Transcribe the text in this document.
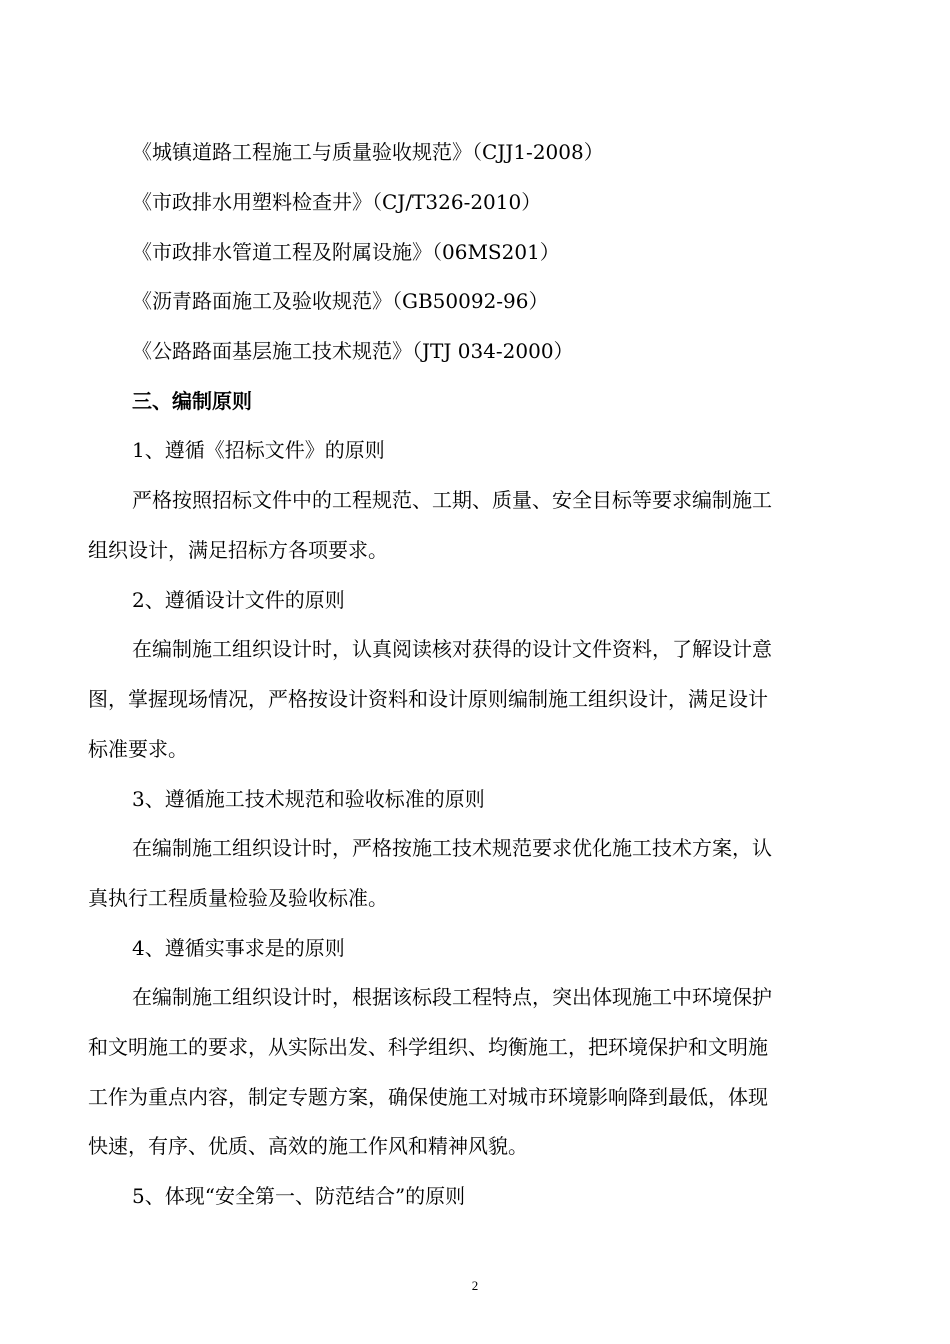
《城镇道路工程施工与质量验收规范》（CJJ1-2008）
《市政排水用塑料检查井》（CJ/T326-2010）
《市政排水管道工程及附属设施》（06MS201）
《沥青路面施工及验收规范》（GB50092-96）
《公路路面基层施工技术规范》（JTJ 034-2000）
三、编制原则
1、遵循《招标文件》的原则
严格按照招标文件中的工程规范、工期、质量、安全目标等要求编制施工
组织设计，满足招标方各项要求。
2、遵循设计文件的原则
在编制施工组织设计时，认真阅读核对获得的设计文件资料，了解设计意
图，掌握现场情况，严格按设计资料和设计原则编制施工组织设计，满足设计
标准要求。
3、遵循施工技术规范和验收标准的原则
在编制施工组织设计时，严格按施工技术规范要求优化施工技术方案，认
真执行工程质量检验及验收标准。
4、遵循实事求是的原则
在编制施工组织设计时，根据该标段工程特点，突出体现施工中环境保护
和文明施工的要求，从实际出发、科学组织、均衡施工，把环境保护和文明施
工作为重点内容，制定专题方案，确保使施工对城市环境影响降到最低，体现
快速，有序、优质、高效的施工作风和精神风貌。
5、体现“安全第一、防范结合”的原则
2
